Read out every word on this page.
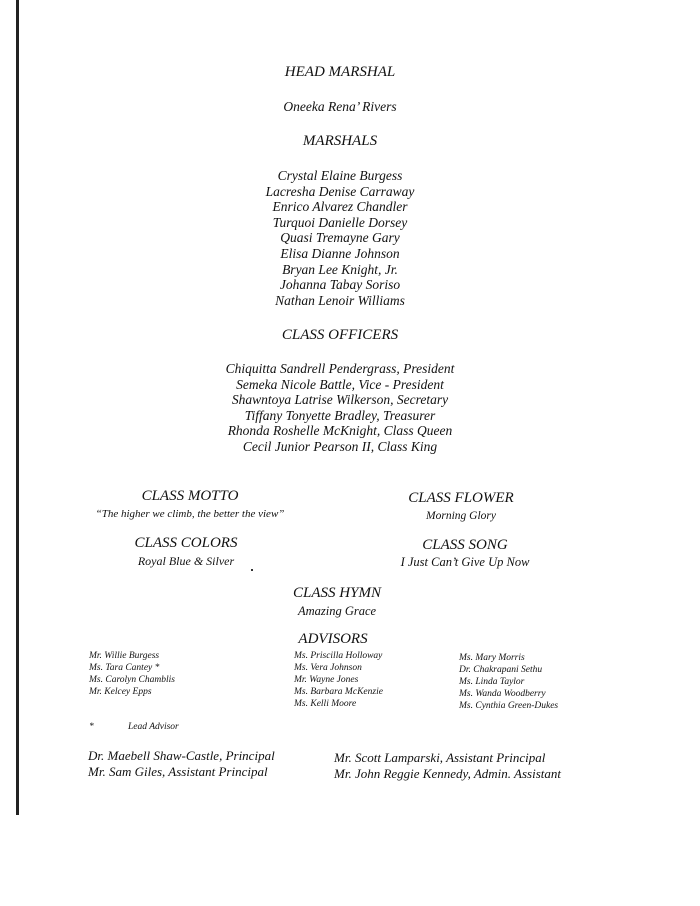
HEAD MARSHAL
Oneeka Rena’ Rivers
MARSHALS
Crystal Elaine Burgess
Lacresha Denise Carraway
Enrico Alvarez Chandler
Turquoi Danielle Dorsey
Quasi Tremayne Gary
Elisa Dianne Johnson
Bryan Lee Knight, Jr.
Johanna Tabay Soriso
Nathan Lenoir Williams
CLASS OFFICERS
Chiquitta Sandrell Pendergrass, President
Semeka Nicole Battle, Vice - President
Shawntoya Latrise Wilkerson, Secretary
Tiffany Tonyette Bradley, Treasurer
Rhonda Roshelle McKnight, Class Queen
Cecil Junior Pearson II, Class King
CLASS MOTTO
“The higher we climb, the better the view”
CLASS FLOWER
Morning Glory
CLASS COLORS
Royal Blue & Silver
CLASS SONG
I Just Can’t Give Up Now
CLASS HYMN
Amazing Grace
ADVISORS
Mr. Willie Burgess
Ms. Tara Cantey *
Ms. Carolyn Chamblis
Mr. Kelcey Epps
Ms. Priscilla Holloway
Ms. Vera Johnson
Mr. Wayne Jones
Ms. Barbara McKenzie
Ms. Kelli Moore
Ms. Mary Morris
Dr. Chakrapani Sethu
Ms. Linda Taylor
Ms. Wanda Woodberry
Ms. Cynthia Green-Dukes
*	Lead Advisor
Dr. Maebell Shaw-Castle, Principal
Mr. Sam Giles, Assistant Principal
Mr. Scott Lamparski, Assistant Principal
Mr. John Reggie Kennedy, Admin. Assistant
